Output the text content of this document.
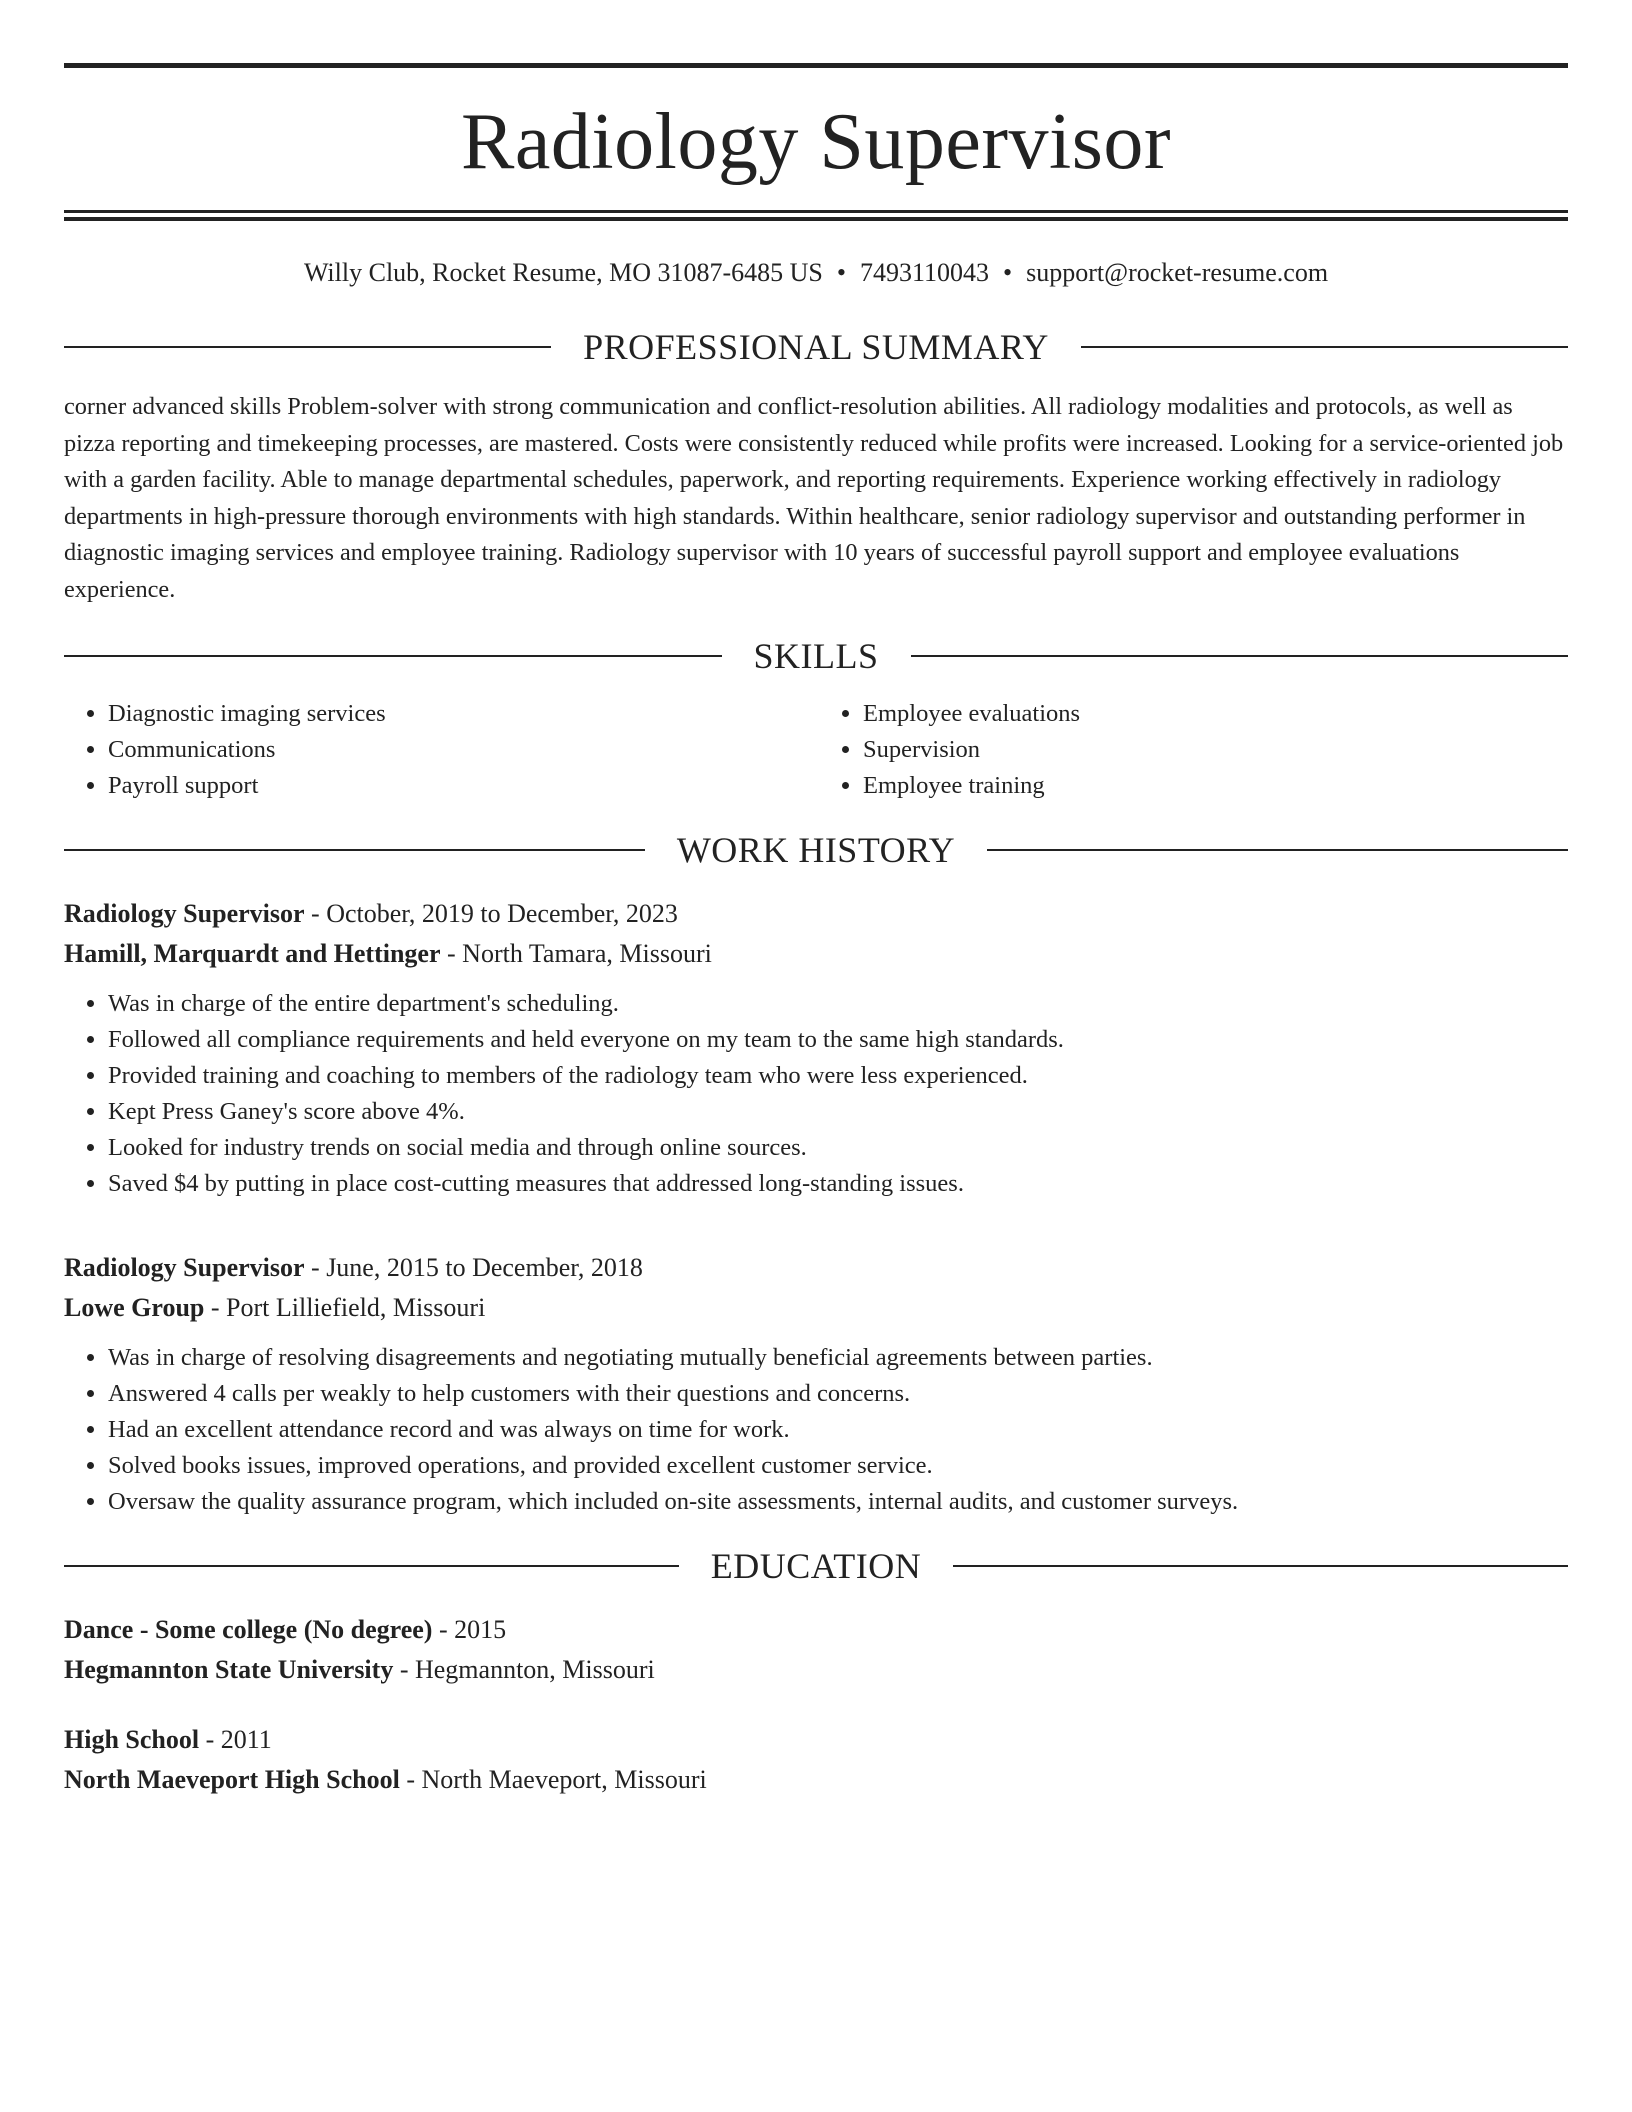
Radiology Supervisor
Willy Club, Rocket Resume, MO 31087-6485 US • 7493110043 • support@rocket-resume.com
PROFESSIONAL SUMMARY
corner advanced skills Problem-solver with strong communication and conflict-resolution abilities. All radiology modalities and protocols, as well as pizza reporting and timekeeping processes, are mastered. Costs were consistently reduced while profits were increased. Looking for a service-oriented job with a garden facility. Able to manage departmental schedules, paperwork, and reporting requirements. Experience working effectively in radiology departments in high-pressure thorough environments with high standards. Within healthcare, senior radiology supervisor and outstanding performer in diagnostic imaging services and employee training. Radiology supervisor with 10 years of successful payroll support and employee evaluations experience.
SKILLS
• Diagnostic imaging services
• Communications
• Payroll support
• Employee evaluations
• Supervision
• Employee training
WORK HISTORY
Radiology Supervisor - October, 2019 to December, 2023
Hamill, Marquardt and Hettinger - North Tamara, Missouri
• Was in charge of the entire department's scheduling.
• Followed all compliance requirements and held everyone on my team to the same high standards.
• Provided training and coaching to members of the radiology team who were less experienced.
• Kept Press Ganey's score above 4%.
• Looked for industry trends on social media and through online sources.
• Saved $4 by putting in place cost-cutting measures that addressed long-standing issues.
Radiology Supervisor - June, 2015 to December, 2018
Lowe Group - Port Lilliefield, Missouri
• Was in charge of resolving disagreements and negotiating mutually beneficial agreements between parties.
• Answered 4 calls per weakly to help customers with their questions and concerns.
• Had an excellent attendance record and was always on time for work.
• Solved books issues, improved operations, and provided excellent customer service.
• Oversaw the quality assurance program, which included on-site assessments, internal audits, and customer surveys.
EDUCATION
Dance - Some college (No degree) - 2015
Hegmannton State University - Hegmannton, Missouri
High School - 2011
North Maeveport High School - North Maeveport, Missouri
